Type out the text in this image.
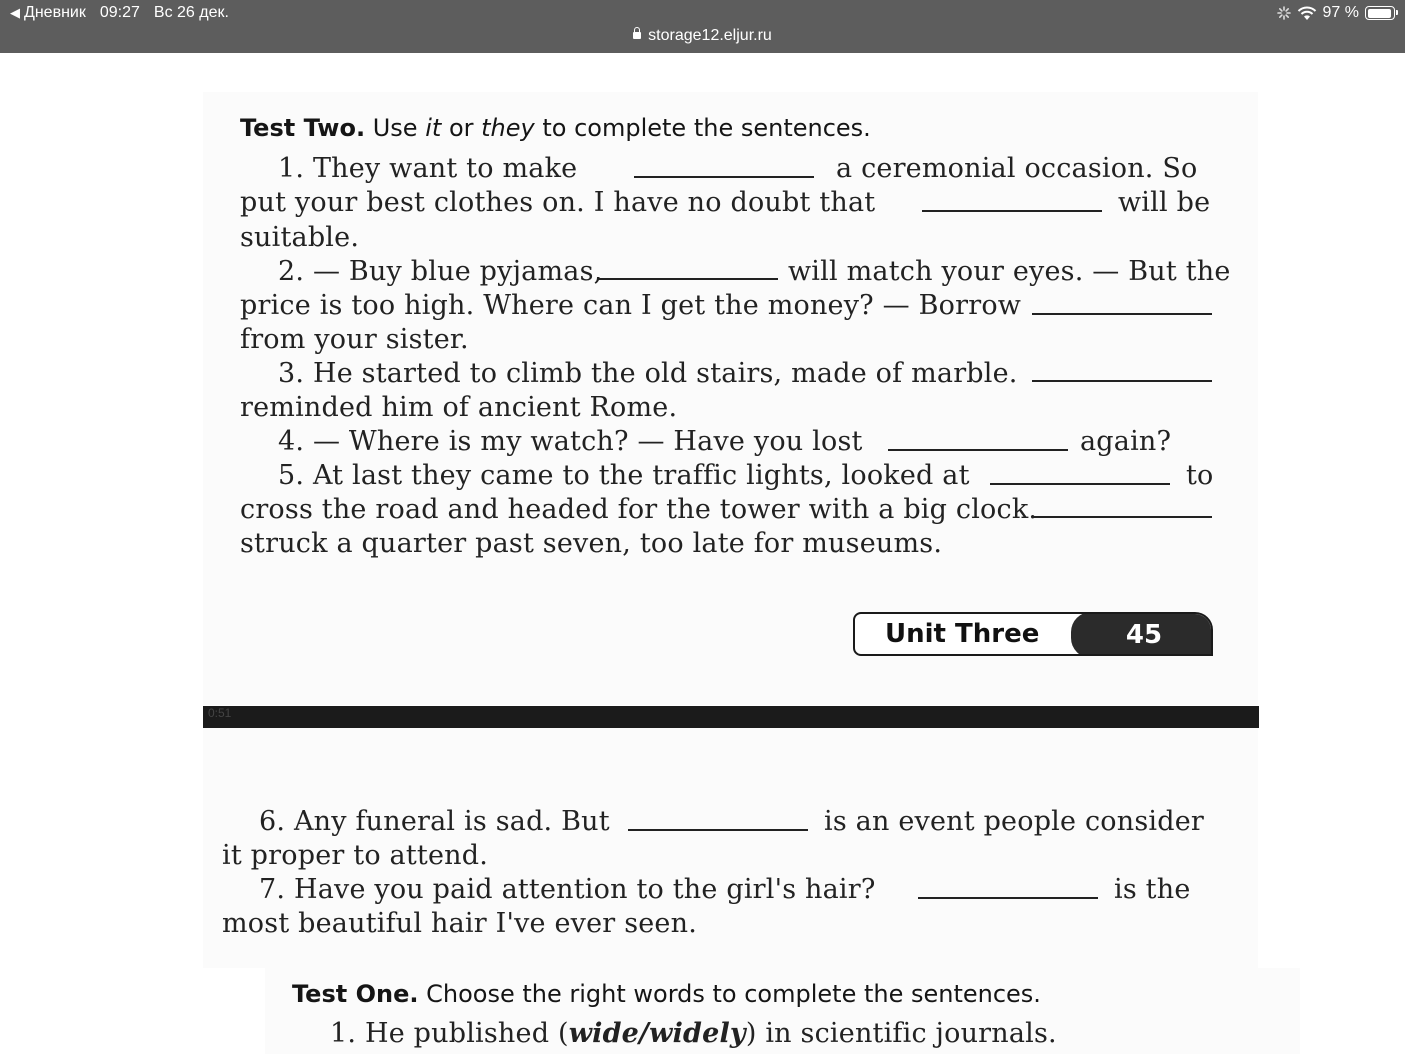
◀ Дневник 09:27 Вс 26 дек.	97 %
storage12.eljur.ru
Test Two. Use it or they to complete the sentences.
1. They want to make	a ceremonial occasion. So
put your best clothes on. I have no doubt that	will be
suitable.
2. — Buy blue pyjamas,	will match your eyes. — But the
price is too high. Where can I get the money? — Borrow
from your sister.
3. He started to climb the old stairs, made of marble.
reminded him of ancient Rome.
4. — Where is my watch? — Have you lost	again?
5. At last they came to the traffic lights, looked at	to
cross the road and headed for the tower with a big clock.
struck a quarter past seven, too late for museums.
Unit Three	45
0:51
6. Any funeral is sad. But	is an event people consider
it proper to attend.
7. Have you paid attention to the girl's hair?	is the
most beautiful hair I've ever seen.
Test One. Choose the right words to complete the sentences.
1. He published (wide/widely) in scientific journals.
